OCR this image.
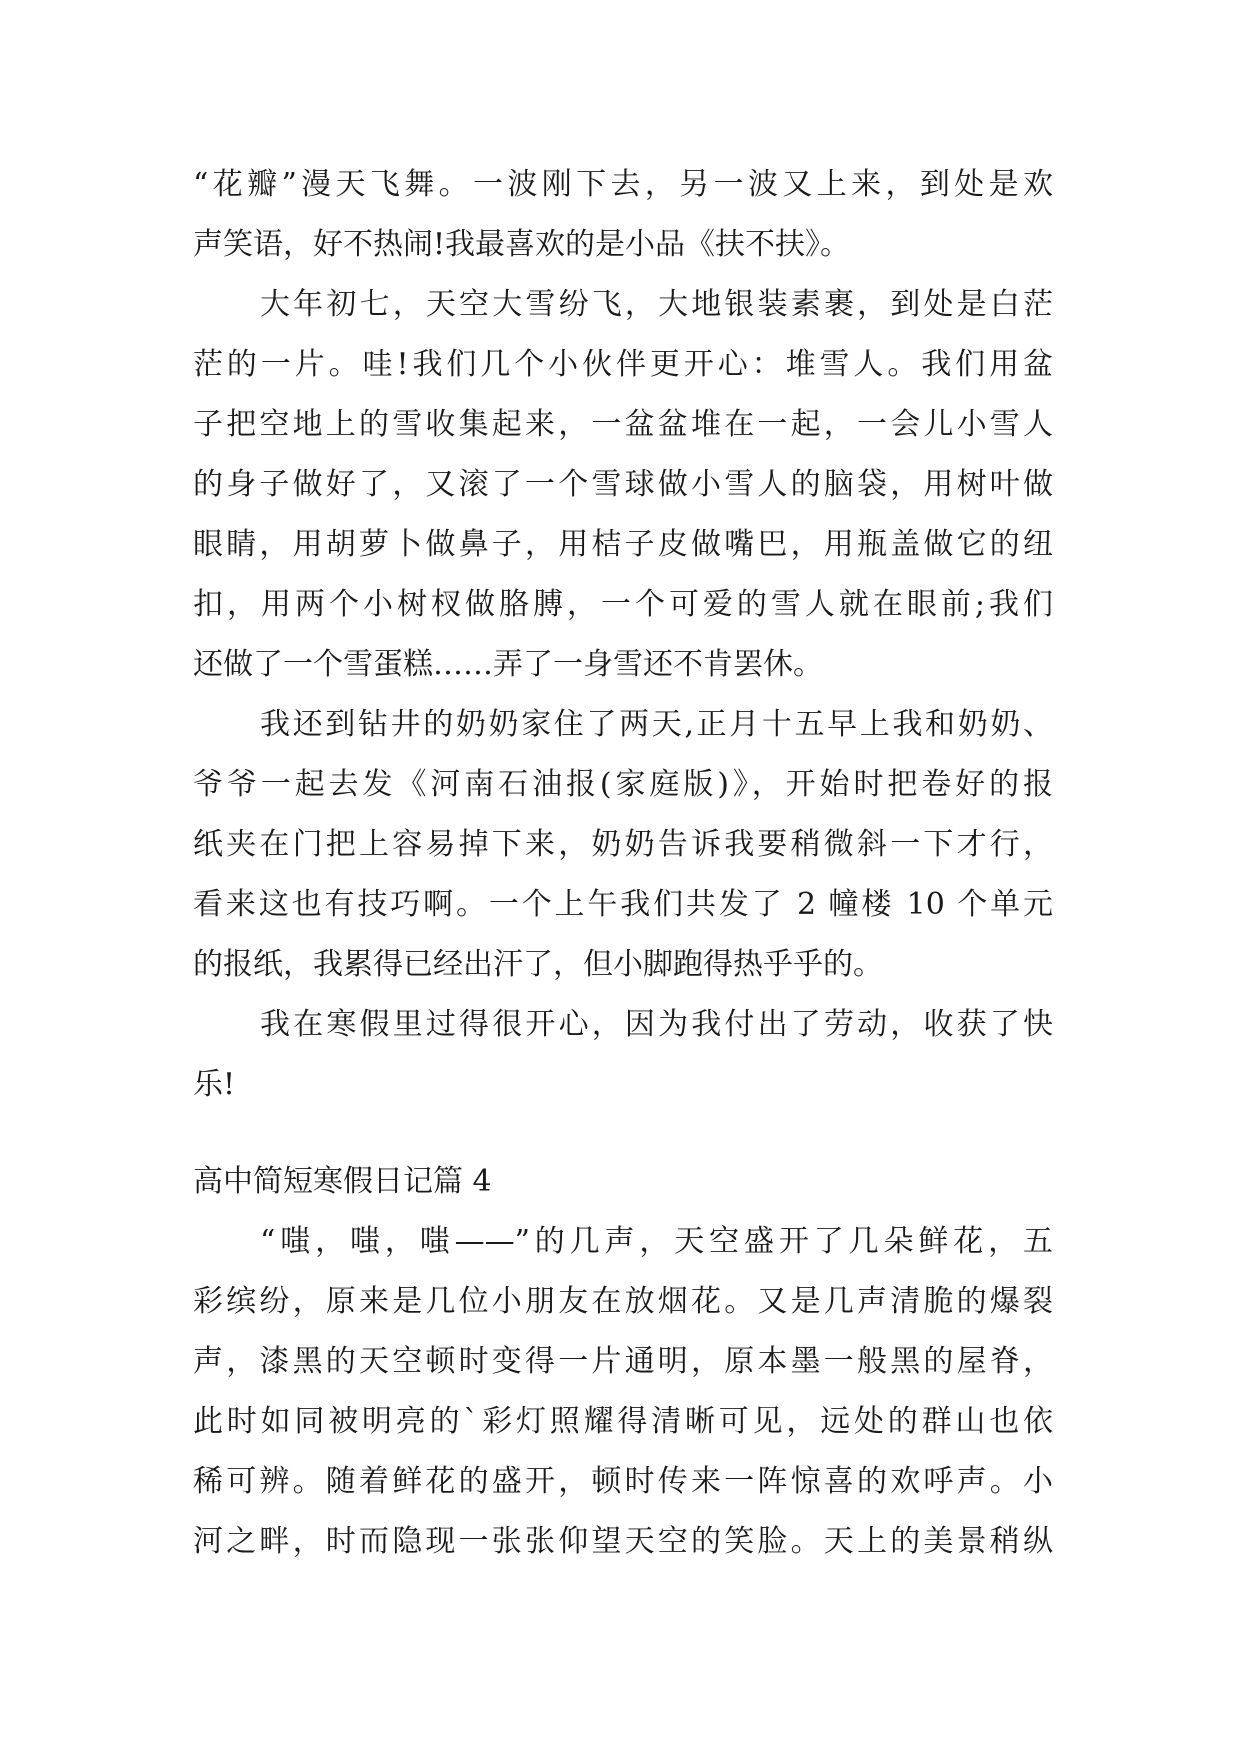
“花瓣”漫天飞舞。一波刚下去，另一波又上来，到处是欢
声笑语，好不热闹!我最喜欢的是小品《扶不扶》。
大年初七，天空大雪纷飞，大地银装素裹，到处是白茫
茫的一片。哇!我们几个小伙伴更开心：堆雪人。我们用盆
子把空地上的雪收集起来，一盆盆堆在一起，一会儿小雪人
的身子做好了，又滚了一个雪球做小雪人的脑袋，用树叶做
眼睛，用胡萝卜做鼻子，用桔子皮做嘴巴，用瓶盖做它的纽
扣，用两个小树杈做胳膊，一个可爱的雪人就在眼前;我们
还做了一个雪蛋糕……弄了一身雪还不肯罢休。
我还到钻井的奶奶家住了两天,正月十五早上我和奶奶、
爷爷一起去发《河南石油报(家庭版)》，开始时把卷好的报
纸夹在门把上容易掉下来，奶奶告诉我要稍微斜一下才行，
看来这也有技巧啊。一个上午我们共发了 2 幢楼 10 个单元
的报纸，我累得已经出汗了，但小脚跑得热乎乎的。
我在寒假里过得很开心，因为我付出了劳动，收获了快
乐!
高中简短寒假日记篇 4
“嗤，嗤，嗤——”的几声，天空盛开了几朵鲜花，五
彩缤纷，原来是几位小朋友在放烟花。又是几声清脆的爆裂
声，漆黑的天空顿时变得一片通明，原本墨一般黑的屋脊，
此时如同被明亮的`彩灯照耀得清晰可见，远处的群山也依
稀可辨。随着鲜花的盛开，顿时传来一阵惊喜的欢呼声。小
河之畔，时而隐现一张张仰望天空的笑脸。天上的美景稍纵
